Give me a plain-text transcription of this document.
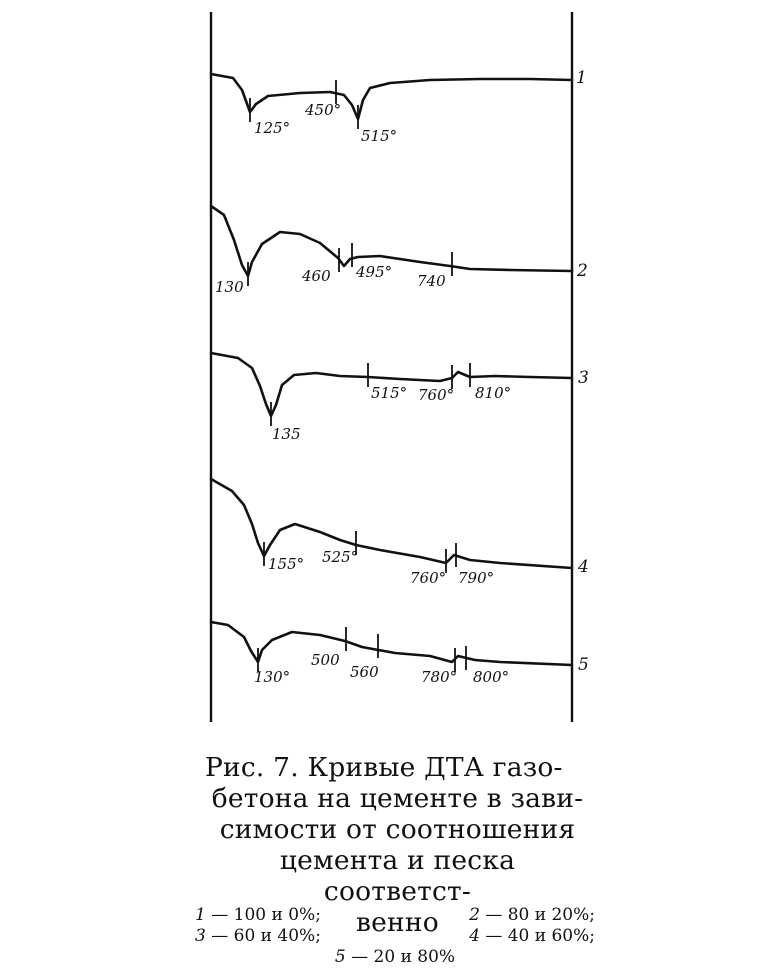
125°
450°
515°
1
130
460 495° 740	2
135
515° 760° 810°
3
155° 525°
760° 790°
4
130°
500
560	780° 800°
5
Рис. 7. Кривые ДТА газо-
бетона на цементе в зави-
симости от соотношения
цемента и песка соответст-
венно
1 — 100 и 0%;	2 — 80 и 20%;
3 — 60 и 40%;	4 — 40 и 60%;
5 — 20 и 80%
